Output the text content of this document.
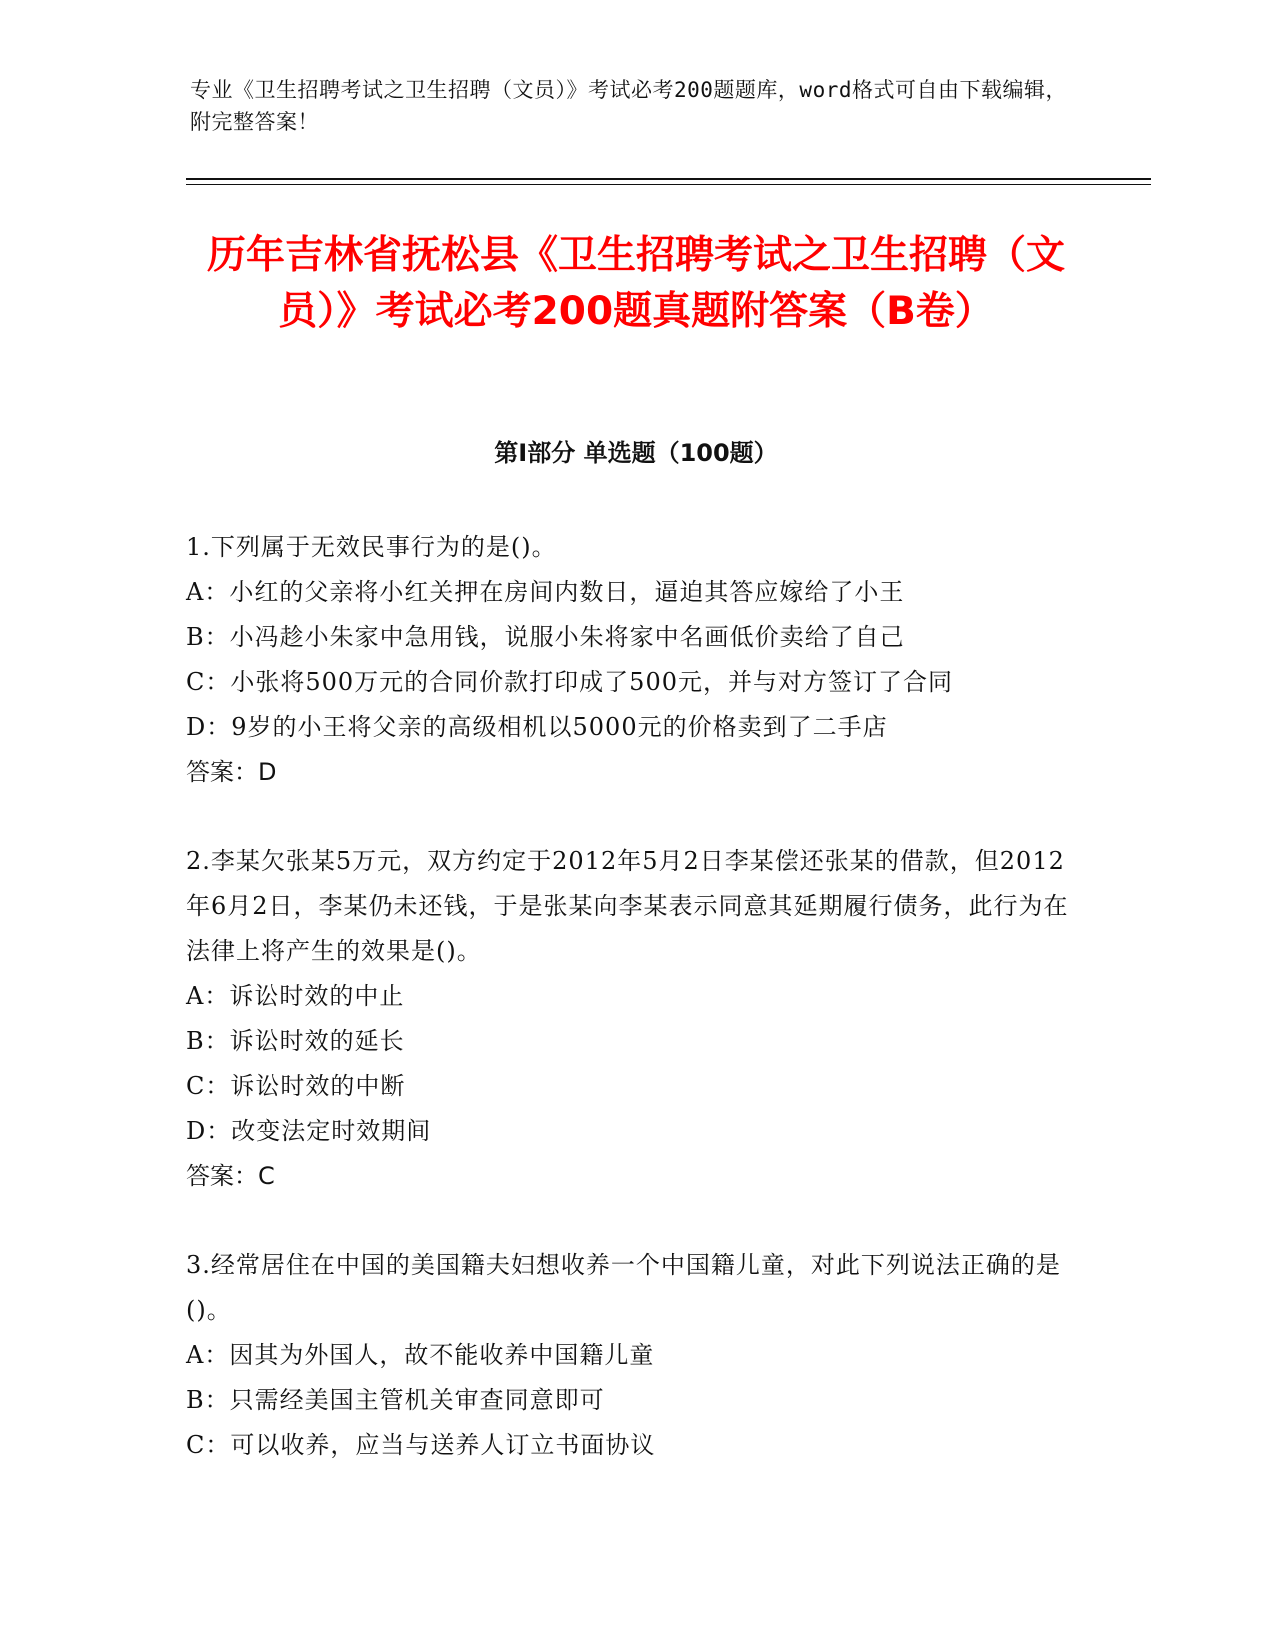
专业《卫生招聘考试之卫生招聘（文员）》考试必考200题题库，word格式可自由下载编辑，附完整答案！
历年吉林省抚松县《卫生招聘考试之卫生招聘（文员）》考试必考200题真题附答案（B卷）
第I部分 单选题（100题）
1.下列属于无效民事行为的是()。
A：小红的父亲将小红关押在房间内数日，逼迫其答应嫁给了小王
B：小冯趁小朱家中急用钱，说服小朱将家中名画低价卖给了自己
C：小张将500万元的合同价款打印成了500元，并与对方签订了合同
D：9岁的小王将父亲的高级相机以5000元的价格卖到了二手店
答案：D
2.李某欠张某5万元，双方约定于2012年5月2日李某偿还张某的借款，但2012年6月2日，李某仍未还钱，于是张某向李某表示同意其延期履行债务，此行为在法律上将产生的效果是()。
A：诉讼时效的中止
B：诉讼时效的延长
C：诉讼时效的中断
D：改变法定时效期间
答案：C
3.经常居住在中国的美国籍夫妇想收养一个中国籍儿童，对此下列说法正确的是()。
A：因其为外国人，故不能收养中国籍儿童
B：只需经美国主管机关审查同意即可
C：可以收养，应当与送养人订立书面协议
